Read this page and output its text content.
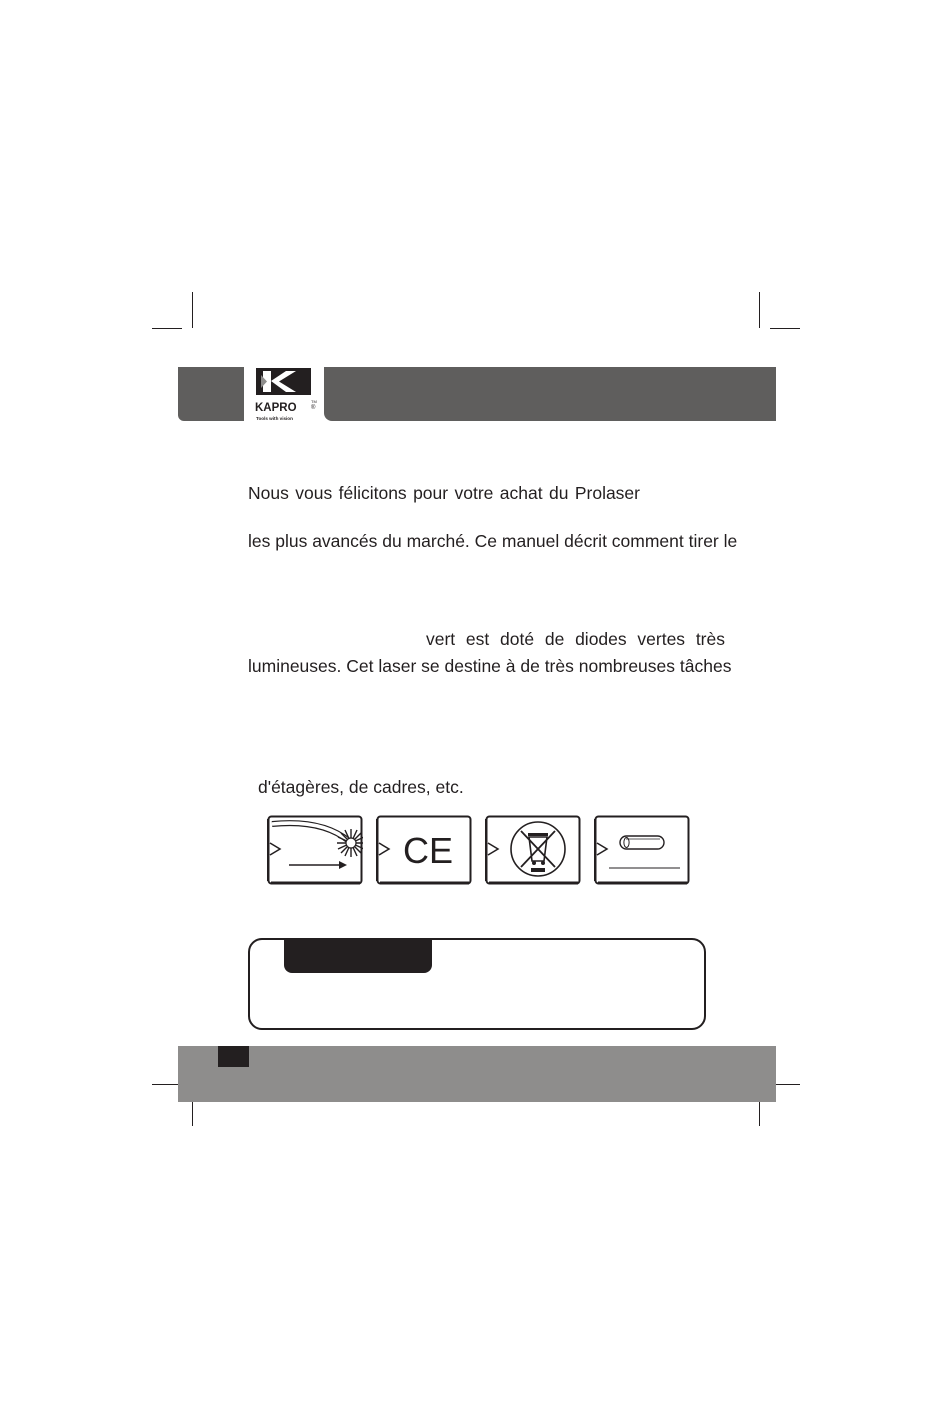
KAPRO
TM
®
Tools with vision
Nous vous félicitons pour votre achat du Prolaser
les plus avancés du marché. Ce manuel décrit comment tirer le
vert est doté de diodes vertes très
lumineuses. Cet laser se destine à de très nombreuses tâches
d'étagères, de cadres, etc.
CE
